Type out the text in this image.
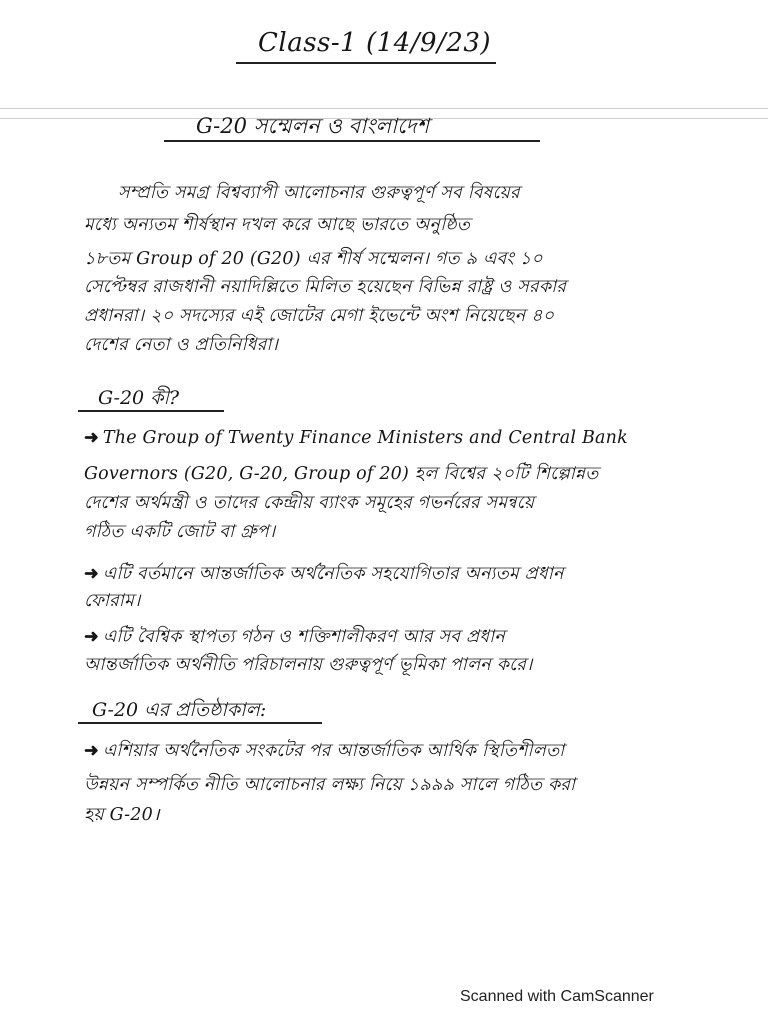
Class-1 (14/9/23)
G-20 সম্মেলন ও বাংলাদেশ
সম্প্রতি সমগ্র বিশ্বব্যাপী আলোচনার গুরুত্বপূর্ণ সব বিষয়ের
মধ্যে অন্যতম শীর্ষস্থান দখল করে আছে ভারতে অনুষ্ঠিত
১৮তম Group of 20 (G20) এর শীর্ষ সম্মেলন। গত ৯ এবং ১০
সেপ্টেম্বর রাজধানী নয়াদিল্লিতে মিলিত হয়েছেন বিভিন্ন রাষ্ট্র ও সরকার
প্রধানরা। ২০ সদস্যের এই জোটের মেগা ইভেন্টে অংশ নিয়েছেন ৪০
দেশের নেতা ও প্রতিনিধিরা।
G-20 কী?
➜ The Group of Twenty Finance Ministers and Central Bank
Governors (G20, G-20, Group of 20) হল বিশ্বের ২০টি শিল্পোন্নত
দেশের অর্থমন্ত্রী ও তাদের কেন্দ্রীয় ব্যাংক সমূহের গভর্নরের সমন্বয়ে
গঠিত একটি জোট বা গ্রুপ।
➜ এটি বর্তমানে আন্তর্জাতিক অর্থনৈতিক সহযোগিতার অন্যতম প্রধান
ফোরাম।
➜ এটি বৈশ্বিক স্থাপত্য গঠন ও শক্তিশালীকরণ আর সব প্রধান
আন্তর্জাতিক অর্থনীতি পরিচালনায় গুরুত্বপূর্ণ ভূমিকা পালন করে।
G-20 এর প্রতিষ্ঠাকাল:
➜ এশিয়ার অর্থনৈতিক সংকটের পর আন্তর্জাতিক আর্থিক স্থিতিশীলতা
উন্নয়ন সম্পর্কিত নীতি আলোচনার লক্ষ্য নিয়ে ১৯৯৯ সালে গঠিত করা
হয় G-20।
Scanned with CamScanner
